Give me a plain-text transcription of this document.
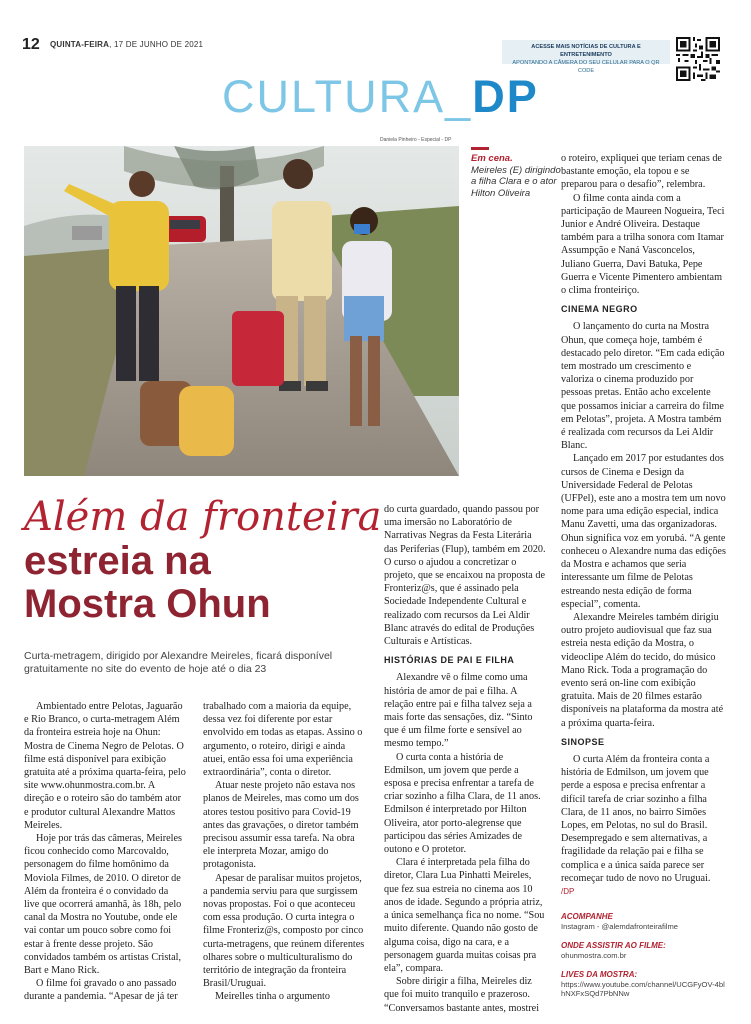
12 QUINTA-FEIRA, 17 DE JUNHO DE 2021	ACESSE MAIS NOTÍCIAS DE CULTURA E ENTRETENIMENTO
APONTANDO A CÂMERA DO SEU CELULAR PARA O QR CODE
CULTURA_DP
Daniela Pinheiro - Especial - DP
Em cena.
Meireles (E) dirigindo a filha Clara e o ator Hilton Oliveira
Além da fronteira
estreia na
Mostra Ohun
Curta-metragem, dirigido por Alexandre Meireles, ficará disponível gratuitamente no site do evento de hoje até o dia 23

Ambientado entre Pelotas, Jaguarão e Rio Branco, o curta-metragem Além da fronteira estreia hoje na Ohun: Mostra de Cinema Negro de Pelotas. O filme está disponível para exibição gratuita até a próxima quarta-feira, pelo site www.ohunmostra.com.br. A direção e o roteiro são do também ator e produtor cultural Alexandre Mattos Meireles.

Hoje por trás das câmeras, Meireles ficou conhecido como Marcovaldo, personagem do filme homônimo da Moviola Filmes, de 2010. O diretor de Além da fronteira é o convidado da live que ocorrerá amanhã, às 18h, pelo canal da Mostra no Youtube, onde ele vai contar um pouco sobre como foi estar à frente desse projeto. São convidados também os artistas Cristal, Bart e Mano Rick.

O filme foi gravado o ano passado durante a pandemia. “Apesar de já ter

trabalhado com a maioria da equipe, dessa vez foi diferente por estar envolvido em todas as etapas. Assino o argumento, o roteiro, dirigi e ainda atuei, então essa foi uma experiência extraordinária”, conta o diretor.

Atuar neste projeto não estava nos planos de Meireles, mas como um dos atores testou positivo para Covid-19 antes das gravações, o diretor também precisou assumir essa tarefa. Na obra ele interpreta Mozar, amigo do protagonista.

Apesar de paralisar muitos projetos, a pandemia serviu para que surgissem novas propostas. Foi o que aconteceu com essa produção. O curta integra o filme Fronteriz@s, composto por cinco curta-metragens, que reúnem diferentes olhares sobre o multiculturalismo do território de integração da fronteira Brasil/Uruguai.

Meirelles tinha o argumento

do curta guardado, quando passou por uma imersão no Laboratório de Narrativas Negras da Festa Literária das Periferias (Flup), também em 2020. O curso o ajudou a concretizar o projeto, que se encaixou na proposta de Fronteriz@s, que é assinado pela Sociedade Independente Cultural e realizado com recursos da Lei Aldir Blanc através do edital de Produções Culturais e Artísticas.

HISTÓRIAS DE PAI E FILHA

Alexandre vê o filme como uma história de amor de pai e filha. A relação entre pai e filha talvez seja a mais forte das sensações, diz. “Sinto que é um filme forte e sensível ao mesmo tempo.”

O curta conta a história de Edmilson, um jovem que perde a esposa e precisa enfrentar a tarefa de criar sozinho a filha Clara, de 11 anos. Edmilson é interpretado por Hilton Oliveira, ator porto-alegrense que participou das séries Amizades de outono e O protetor.

Clara é interpretada pela filha do diretor, Clara Lua Pinhatti Meireles, que fez sua estreia no cinema aos 10 anos de idade. Segundo a própria atriz, a única semelhança fica no nome. “Sou muito diferente. Quando não gosto de alguma coisa, digo na cara, e a personagem guarda muitas coisas pra ela”, compara.

Sobre dirigir a filha, Meireles diz que foi muito tranquilo e prazeroso. “Conversamos bastante antes, mostrei

o roteiro, expliquei que teriam cenas de bastante emoção, ela topou e se preparou para o desafio”, relembra.

O filme conta ainda com a participação de Maureen Nogueira, Teci Junior e André Oliveira. Destaque também para a trilha sonora com Itamar Assumpção e Naná Vasconcelos, Juliano Guerra, Davi Batuka, Pepe Guerra e Vicente Pimentero ambientam o clima fronteiriço.

CINEMA NEGRO

O lançamento do curta na Mostra Ohun, que começa hoje, também é destacado pelo diretor. “Em cada edição tem mostrado um crescimento e valoriza o cinema produzido por pessoas pretas. Então acho excelente que possamos iniciar a carreira do filme em Pelotas”, projeta. A Mostra também é realizada com recursos da Lei Aldir Blanc.

Lançado em 2017 por estudantes dos cursos de Cinema e Design da Universidade Federal de Pelotas (UFPel), este ano a mostra tem um novo nome para uma edição especial, indica Manu Zavetti, uma das organizadoras. Ohun significa voz em yorubá. “A gente conheceu o Alexandre numa das edições da Mostra e achamos que seria interessante um filme de Pelotas estreando nesta edição de forma especial”, comenta.

Alexandre Meireles também dirigiu outro projeto audiovisual que faz sua estreia nesta edição da Mostra, o videoclipe Além do tecido, do músico Mano Rick. Toda a programação do evento será on-line com exibição gratuita. Mais de 20 filmes estarão disponíveis na plataforma da mostra até a próxima quarta-feira.

SINOPSE

O curta Além da fronteira conta a história de Edmilson, um jovem que perde a esposa e precisa enfrentar a difícil tarefa de criar sozinho a filha Clara, de 11 anos, no bairro Simões Lopes, em Pelotas, no sul do Brasil. Desempregado e sem alternativas, a fragilidade da relação pai e filha se complica e a única saída parece ser recomeçar tudo de novo no Uruguai. /DP

ACOMPANHE
Instagram - @alemdafronteirafilme
ONDE ASSISTIR AO FILME:
ohunmostra.com.br
LIVES DA MOSTRA:
https://www.youtube.com/channel/UCGFyOV-4blhNXFxSQd7PbNNw
